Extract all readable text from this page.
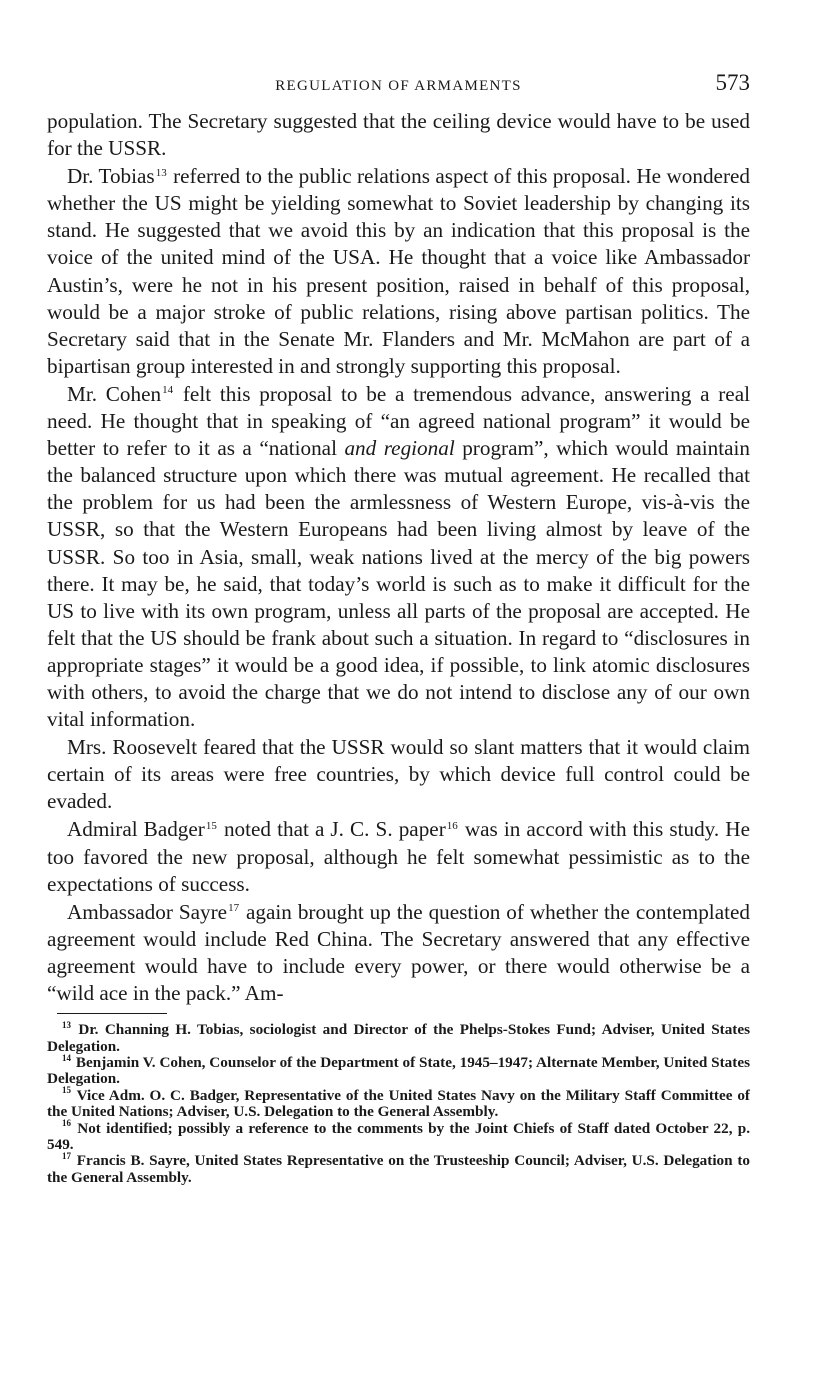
REGULATION OF ARMAMENTS	573

population. The Secretary suggested that the ceiling device would have to be used for the USSR.

Dr. Tobias$^{13}$ referred to the public relations aspect of this proposal. He wondered whether the US might be yielding somewhat to Soviet leadership by changing its stand. He suggested that we avoid this by an indication that this proposal is the voice of the united mind of the USA. He thought that a voice like Ambassador Austin’s, were he not in his present position, raised in behalf of this proposal, would be a major stroke of public relations, rising above partisan politics. The Secretary said that in the Senate Mr. Flanders and Mr. McMahon are part of a bipartisan group interested in and strongly supporting this proposal.

Mr. Cohen$^{14}$ felt this proposal to be a tremendous advance, answering a real need. He thought that in speaking of “an agreed national program” it would be better to refer to it as a “national and regional program”, which would maintain the balanced structure upon which there was mutual agreement. He recalled that the problem for us had been the armlessness of Western Europe, vis-à-vis the USSR, so that the Western Europeans had been living almost by leave of the USSR. So too in Asia, small, weak nations lived at the mercy of the big powers there. It may be, he said, that today’s world is such as to make it difficult for the US to live with its own program, unless all parts of the proposal are accepted. He felt that the US should be frank about such a situation. In regard to “disclosures in appropriate stages” it would be a good idea, if possible, to link atomic disclosures with others, to avoid the charge that we do not intend to disclose any of our own vital information.

Mrs. Roosevelt feared that the USSR would so slant matters that it would claim certain of its areas were free countries, by which device full control could be evaded.

Admiral Badger$^{15}$ noted that a J. C. S. paper$^{16}$ was in accord with this study. He too favored the new proposal, although he felt somewhat pessimistic as to the expectations of success.

Ambassador Sayre$^{17}$ again brought up the question of whether the contemplated agreement would include Red China. The Secretary answered that any effective agreement would have to include every power, or there would otherwise be a “wild ace in the pack.” Am-

$^{13}$ Dr. Channing H. Tobias, sociologist and Director of the Phelps-Stokes Fund; Adviser, United States Delegation.

$^{14}$ Benjamin V. Cohen, Counselor of the Department of State, 1945–1947; Alternate Member, United States Delegation.

$^{15}$ Vice Adm. O. C. Badger, Representative of the United States Navy on the Military Staff Committee of the United Nations; Adviser, U.S. Delegation to the General Assembly.

$^{16}$ Not identified; possibly a reference to the comments by the Joint Chiefs of Staff dated October 22, p. 549.

$^{17}$ Francis B. Sayre, United States Representative on the Trusteeship Council; Adviser, U.S. Delegation to the General Assembly.
